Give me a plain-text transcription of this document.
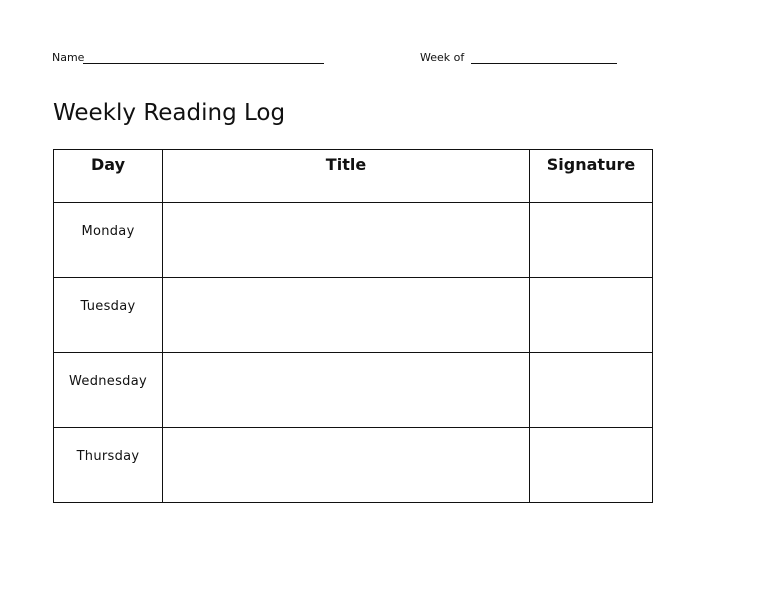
Name	Week of
Weekly Reading Log
Day	Title	Signature
Monday		
Tuesday		
Wednesday		
Thursday		
